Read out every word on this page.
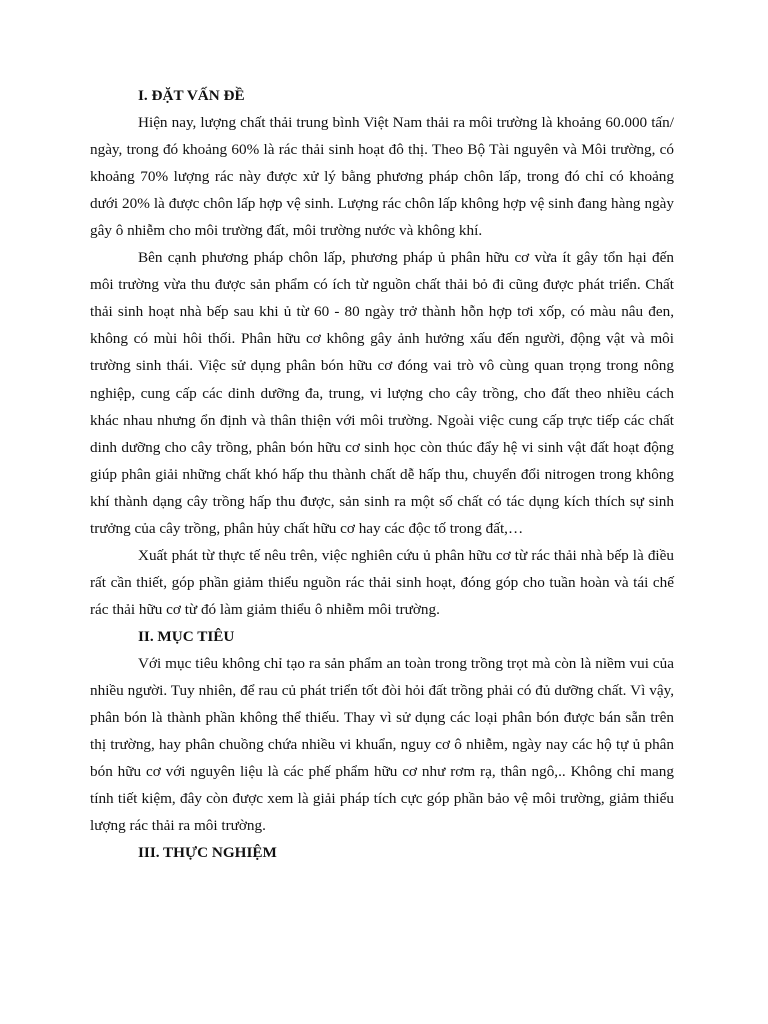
I. ĐẶT VẤN ĐỀ

Hiện nay, lượng chất thải trung bình Việt Nam thải ra môi trường là khoảng 60.000 tấn/ ngày, trong đó khoảng 60% là rác thải sinh hoạt đô thị. Theo Bộ Tài nguyên và Môi trường, có khoảng 70% lượng rác này được xử lý bằng phương pháp chôn lấp, trong đó chỉ có khoảng dưới 20% là được chôn lấp hợp vệ sinh. Lượng rác chôn lấp không hợp vệ sinh đang hàng ngày gây ô nhiễm cho môi trường đất, môi trường nước và không khí.

Bên cạnh phương pháp chôn lấp, phương pháp ủ phân hữu cơ vừa ít gây tổn hại đến môi trường vừa thu được sản phẩm có ích từ nguồn chất thải bỏ đi cũng được phát triển. Chất thải sinh hoạt nhà bếp sau khi ủ từ 60 - 80 ngày trở thành hỗn hợp tơi xốp, có màu nâu đen, không có mùi hôi thối. Phân hữu cơ không gây ảnh hưởng xấu đến người, động vật và môi trường sinh thái. Việc sử dụng phân bón hữu cơ đóng vai trò vô cùng quan trọng trong nông nghiệp, cung cấp các dinh dưỡng đa, trung, vi lượng cho cây trồng, cho đất theo nhiều cách khác nhau nhưng ổn định và thân thiện với môi trường. Ngoài việc cung cấp trực tiếp các chất dinh dưỡng cho cây trồng, phân bón hữu cơ sinh học còn thúc đẩy hệ vi sinh vật đất hoạt động giúp phân giải những chất khó hấp thu thành chất dễ hấp thu, chuyển đổi nitrogen trong không khí thành dạng cây trồng hấp thu được, sản sinh ra một số chất có tác dụng kích thích sự sinh trưởng của cây trồng, phân hủy chất hữu cơ hay các độc tố trong đất,…

Xuất phát từ thực tế nêu trên, việc nghiên cứu ủ phân hữu cơ từ rác thải nhà bếp là điều rất cần thiết, góp phần giảm thiểu nguồn rác thải sinh hoạt, đóng góp cho tuần hoàn và tái chế rác thải hữu cơ từ đó làm giảm thiểu ô nhiễm môi trường.

II. MỤC TIÊU

Với mục tiêu không chỉ tạo ra sản phẩm an toàn trong trồng trọt mà còn là niềm vui của nhiều người. Tuy nhiên, để rau củ phát triển tốt đòi hỏi đất trồng phải có đủ dưỡng chất. Vì vậy, phân bón là thành phần không thể thiếu. Thay vì sử dụng các loại phân bón được bán sẵn trên thị trường, hay phân chuồng chứa nhiều vi khuẩn, nguy cơ ô nhiễm, ngày nay các hộ tự ủ phân bón hữu cơ với nguyên liệu là các phế phẩm hữu cơ như rơm rạ, thân ngô,.. Không chỉ mang tính tiết kiệm, đây còn được xem là giải pháp tích cực góp phần bảo vệ môi trường, giảm thiểu lượng rác thải ra môi trường.

III. THỰC NGHIỆM
